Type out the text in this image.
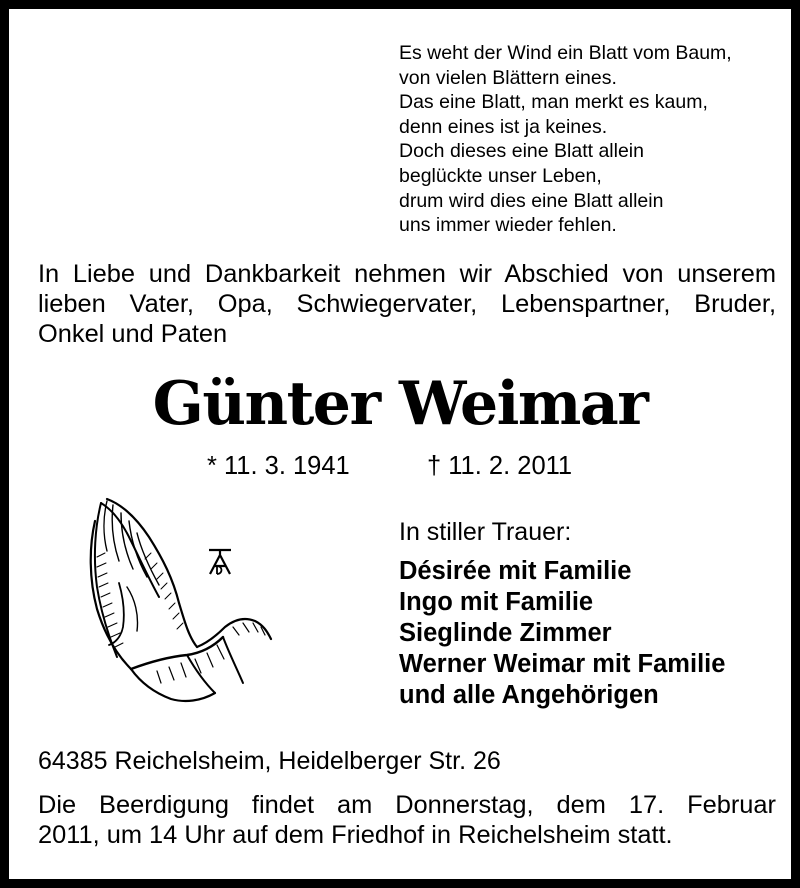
Es weht der Wind ein Blatt vom Baum,
von vielen Blättern eines.
Das eine Blatt, man merkt es kaum,
denn eines ist ja keines.
Doch dieses eine Blatt allein
beglückte unser Leben,
drum wird dies eine Blatt allein
uns immer wieder fehlen.
In Liebe und Dankbarkeit nehmen wir Abschied von unserem
lieben Vater, Opa, Schwiegervater, Lebenspartner, Bruder,
Onkel und Paten
Günter Weimar
* 11. 3. 1941	† 11. 2. 2011
In stiller Trauer:
Désirée mit Familie
Ingo mit Familie
Sieglinde Zimmer
Werner Weimar mit Familie
und alle Angehörigen
64385 Reichelsheim, Heidelberger Str. 26
Die Beerdigung findet am Donnerstag, dem 17. Februar
2011, um 14 Uhr auf dem Friedhof in Reichelsheim statt.
